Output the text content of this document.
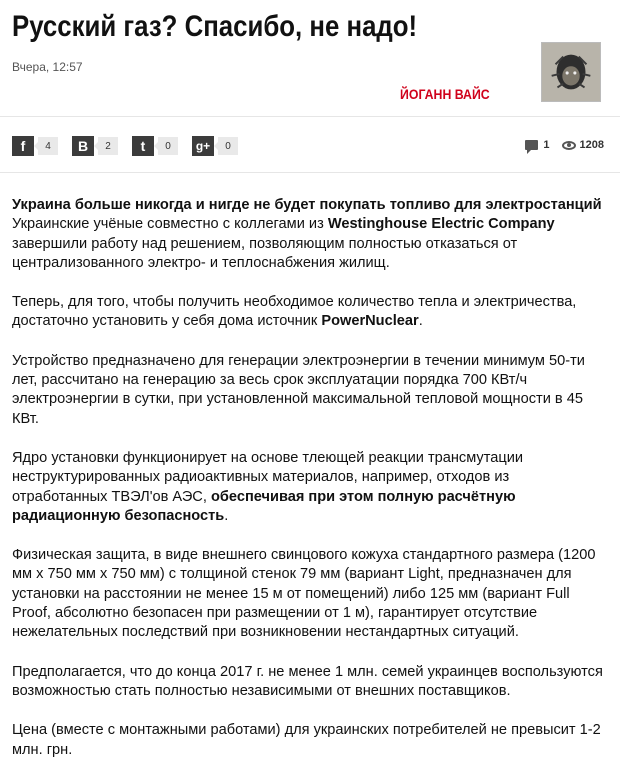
Русский газ? Спасибо, не надо!
Вчера, 12:57
ЙОГАНН ВАЙС
f	4	B	2	t	0	g+	0	1	1208

Украина больше никогда и нигде не будет покупать топливо для электростанций
Украинские учёные совместно с коллегами из Westinghouse Electric Company завершили работу над решением, позволяющим полностью отказаться от централизованного электро- и теплоснабжения жилищ.

Теперь, для того, чтобы получить необходимое количество тепла и электричества, достаточно установить у себя дома источник PowerNuclear.

Устройство предназначено для генерации электроэнергии в течении минимум 50-ти лет, рассчитано на генерацию за весь срок эксплуатации порядка 700 КВт/ч электроэнергии в сутки, при установленной максимальной тепловой мощности в 45 КВт.

Ядро установки функционирует на основе тлеющей реакции трансмутации неструктурированных радиоактивных материалов, например, отходов из отработанных ТВЭЛ'ов АЭС, обеспечивая при этом полную расчётную радиационную безопасность.

Физическая защита, в виде внешнего свинцового кожуха стандартного размера (1200 мм х 750 мм х 750 мм) с толщиной стенок 79 мм (вариант Light, предназначен для установки на расстоянии не менее 15 м от помещений) либо 125 мм (вариант Full Proof, абсолютно безопасен при размещении от 1 м), гарантирует отсутствие нежелательных последствий при возникновении нестандартных ситуаций.

Предполагается, что до конца 2017 г. не менее 1 млн. семей украинцев воспользуются возможностью стать полностью независимыми от внешних поставщиков.

Цена (вместе с монтажными работами) для украинских потребителей не превысит 1-2 млн. грн.
